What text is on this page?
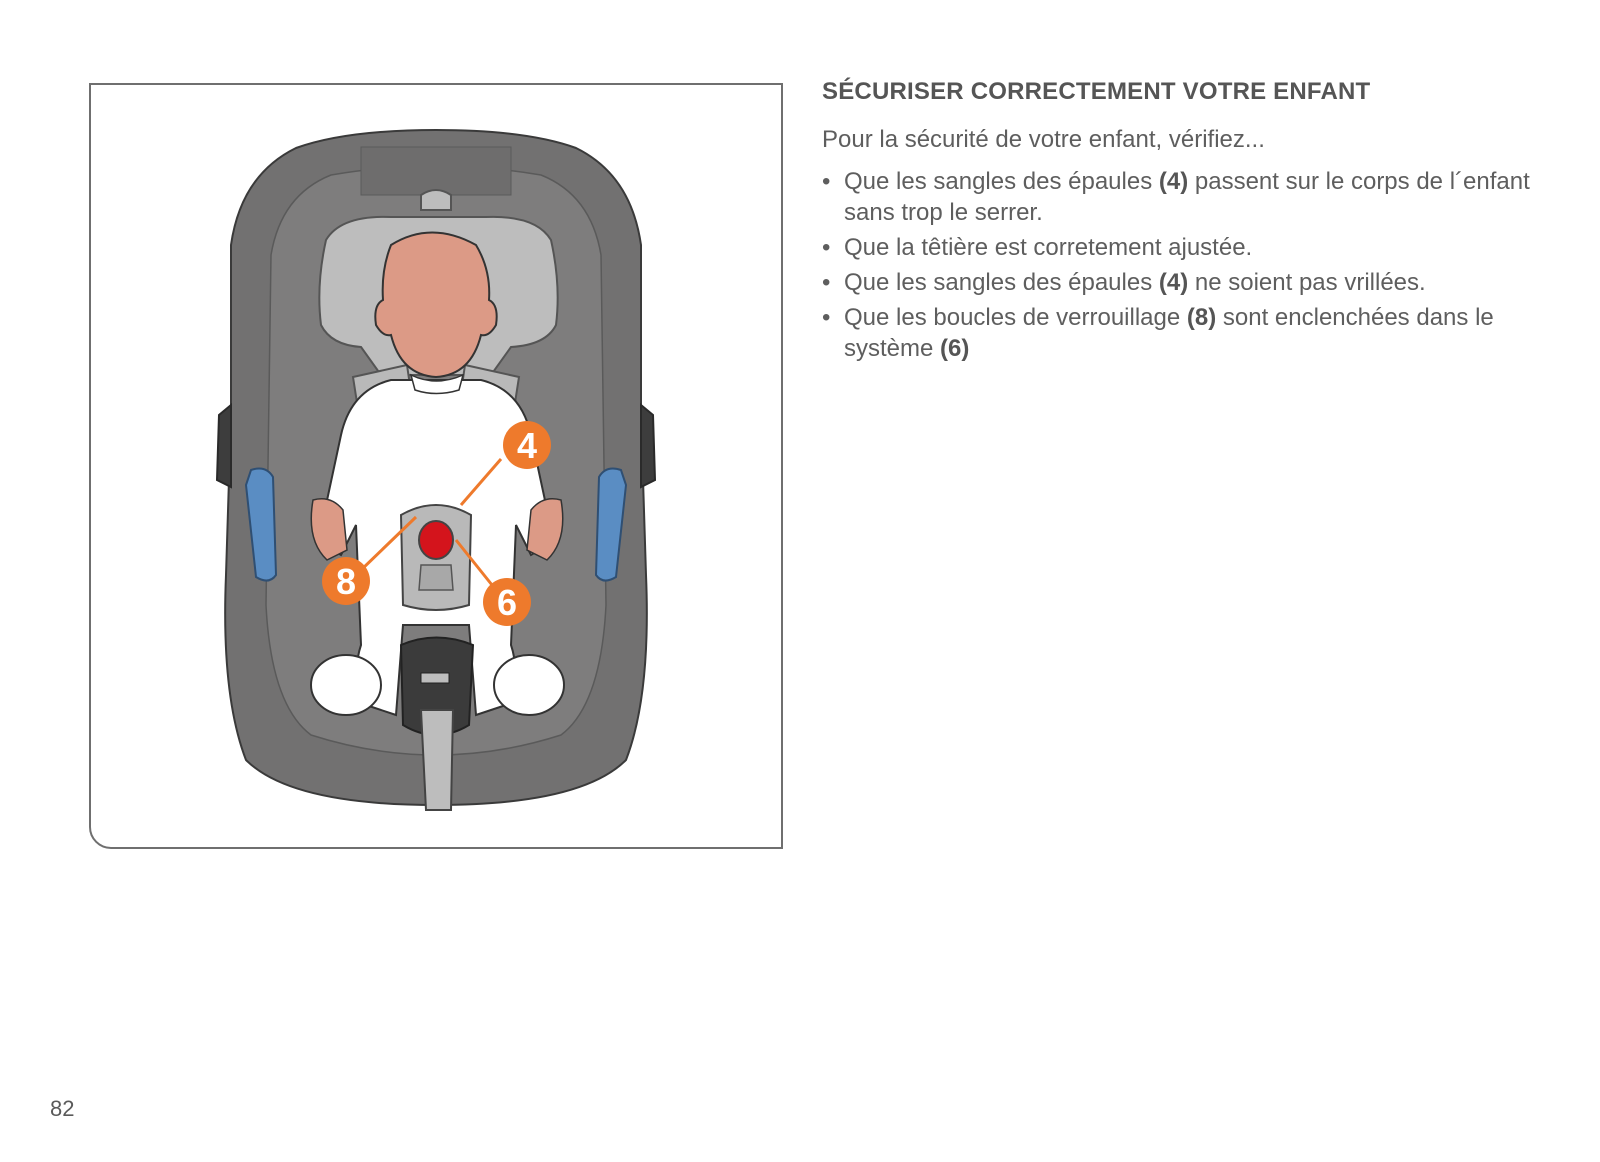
4
8
6
SÉCURISER CORRECTEMENT VOTRE ENFANT

Pour la sécurité de votre enfant, vérifiez...

• Que les sangles des épaules (4) passent sur le corps de l´enfant sans trop le serrer.
• Que la têtière est corretement ajustée.
• Que les sangles des épaules (4) ne soient pas vrillées.
• Que les boucles de verrouillage (8) sont enclenchées dans le système (6)
82
